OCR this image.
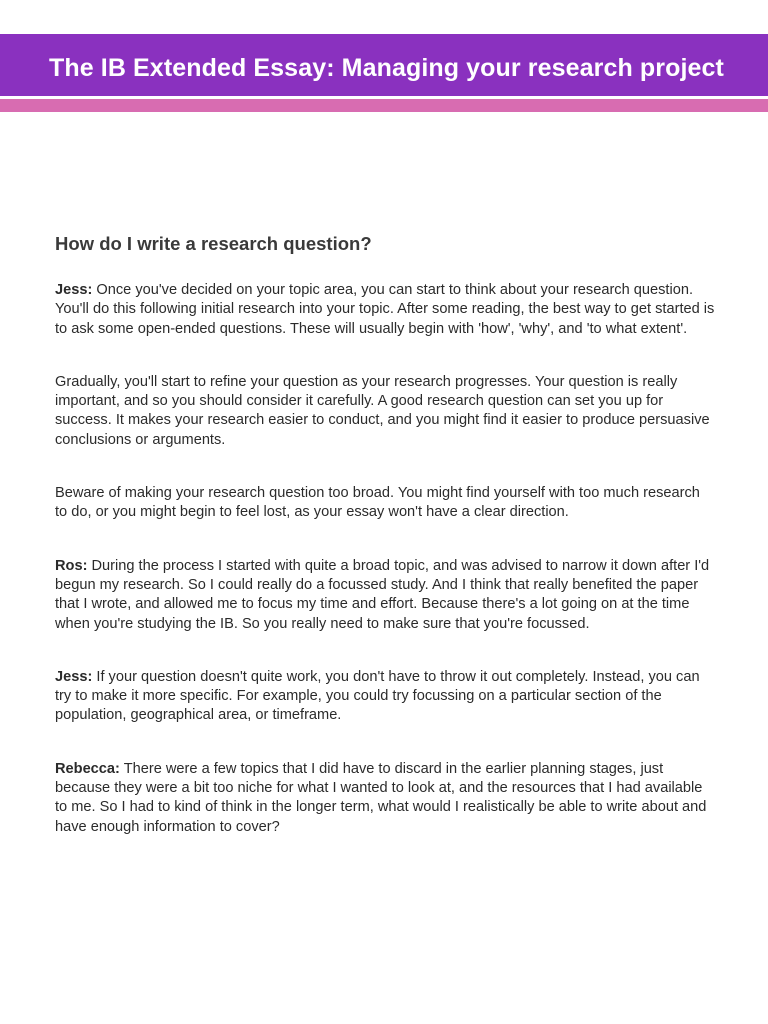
The IB Extended Essay: Managing your research project
How do I write a research question?

Jess: Once you've decided on your topic area, you can start to think about your research question. You'll do this following initial research into your topic. After some reading, the best way to get started is to ask some open-ended questions. These will usually begin with 'how', 'why', and 'to what extent'.

Gradually, you'll start to refine your question as your research progresses. Your question is really important, and so you should consider it carefully. A good research question can set you up for success. It makes your research easier to conduct, and you might find it easier to produce persuasive conclusions or arguments.

Beware of making your research question too broad. You might find yourself with too much research to do, or you might begin to feel lost, as your essay won't have a clear direction.

Ros: During the process I started with quite a broad topic, and was advised to narrow it down after I'd begun my research. So I could really do a focussed study. And I think that really benefited the paper that I wrote, and allowed me to focus my time and effort. Because there's a lot going on at the time when you're studying the IB. So you really need to make sure that you're focussed.

Jess: If your question doesn't quite work, you don't have to throw it out completely. Instead, you can try to make it more specific. For example, you could try focussing on a particular section of the population, geographical area, or timeframe.

Rebecca: There were a few topics that I did have to discard in the earlier planning stages, just because they were a bit too niche for what I wanted to look at, and the resources that I had available to me. So I had to kind of think in the longer term, what would I realistically be able to write about and have enough information to cover?
